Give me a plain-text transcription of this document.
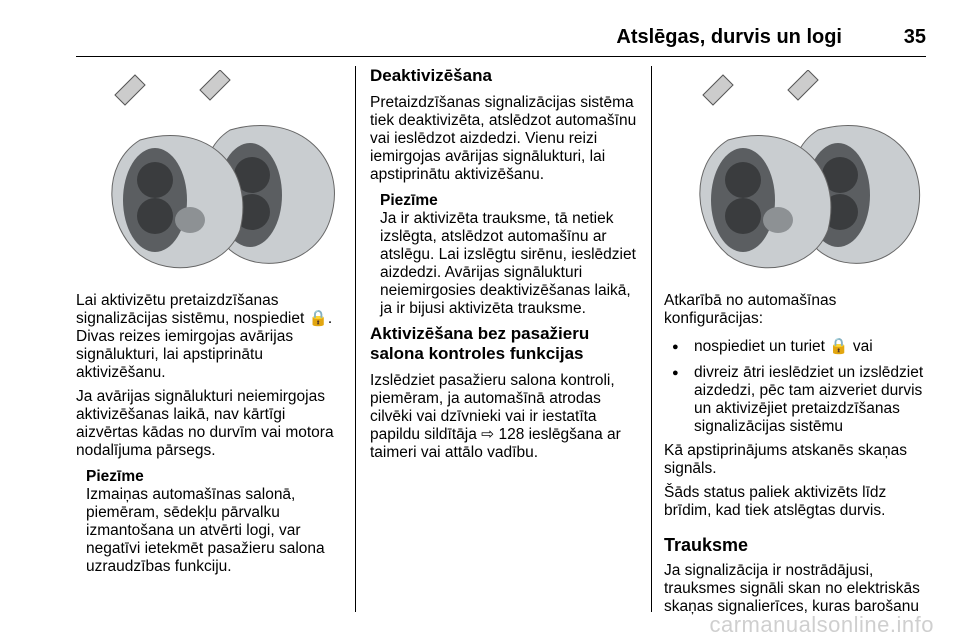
Atslēgas, durvis un logi	35

Lai aktivizētu pretaizdzīšanas signalizācijas sistēmu, nospiediet 🔒.

Divas reizes iemirgojas avārijas signālukturi, lai apstiprinātu aktivizēšanu.

Ja avārijas signālukturi neiemirgojas aktivizēšanas laikā, nav kārtīgi aizvērtas kādas no durvīm vai motora nodalījuma pārsegs.

Piezīme

Izmaiņas automašīnas salonā, piemēram, sēdekļu pārvalku izmantošana un atvērti logi, var negatīvi ietekmēt pasažieru salona uzraudzības funkciju.

Deaktivizēšana

Pretaizdzīšanas signalizācijas sistēma tiek deaktivizēta, atslēdzot automašīnu vai ieslēdzot aizdedzi. Vienu reizi iemirgojas avārijas signālukturi, lai apstiprinātu aktivizēšanu.

Piezīme

Ja ir aktivizēta trauksme, tā netiek izslēgta, atslēdzot automašīnu ar atslēgu. Lai izslēgtu sirēnu, ieslēdziet aizdedzi. Avārijas signālukturi neiemirgosies deaktivizēšanas laikā, ja ir bijusi aktivizēta trauksme.

Aktivizēšana bez pasažieru salona kontroles funkcijas

Izslēdziet pasažieru salona kontroli, piemēram, ja automašīnā atrodas cilvēki vai dzīvnieki vai ir iestatīta papildu sildītāja ⇨ 128 ieslēgšana ar taimeri vai attālo vadību.

Atkarībā no automašīnas konfigurācijas:

● nospiediet un turiet 🔒 vai

● divreiz ātri ieslēdziet un izslēdziet aizdedzi, pēc tam aizveriet durvis un aktivizējiet pretaizdzīšanas signalizācijas sistēmu

Kā apstiprinājums atskanēs skaņas signāls.

Šāds status paliek aktivizēts līdz brīdim, kad tiek atslēgtas durvis.

Trauksme

Ja signalizācija ir nostrādājusi, trauksmes signāli skan no elektriskās skaņas signalierīces, kuras barošanu

carmanualsonline.info
